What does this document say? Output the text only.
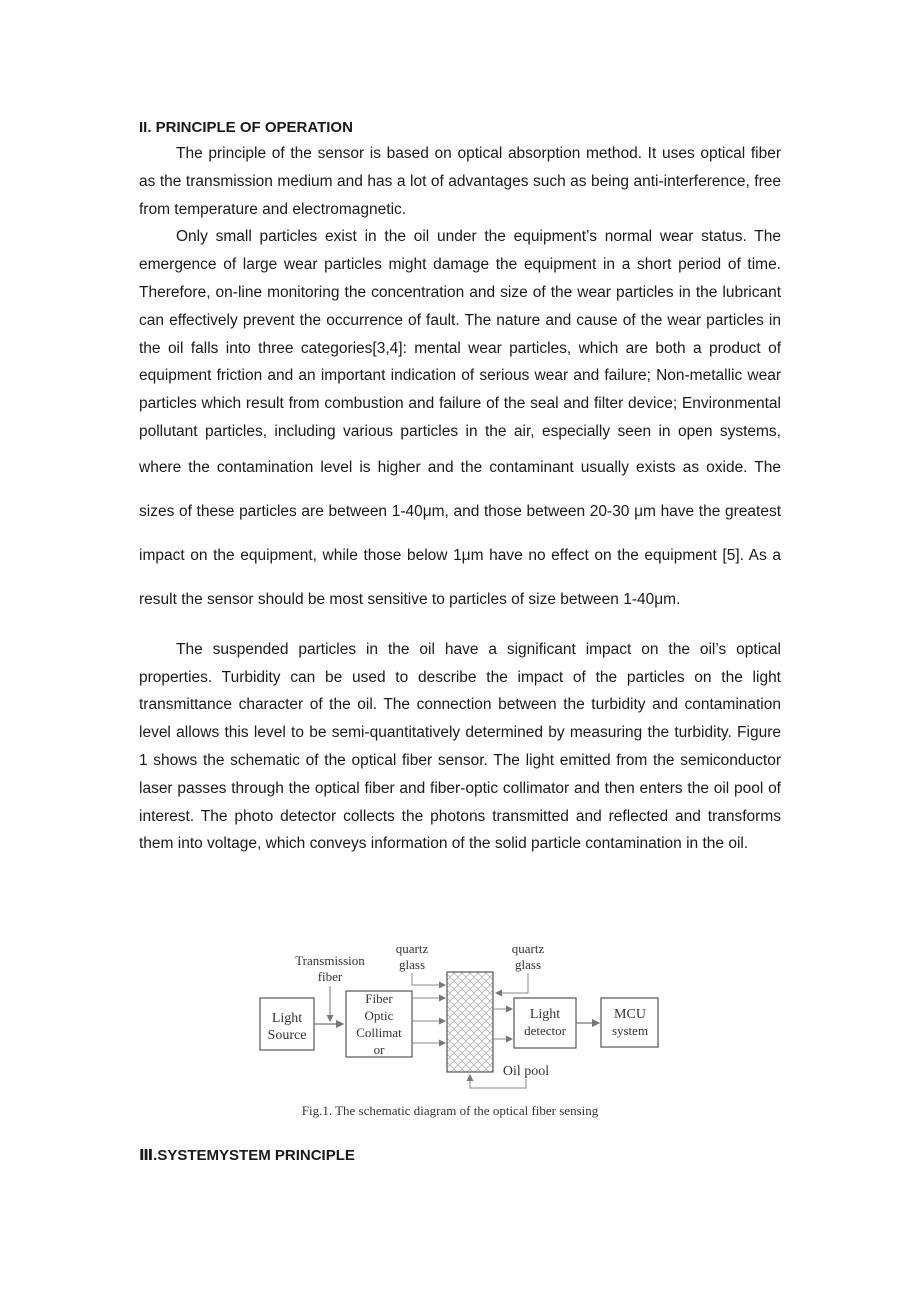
II. PRINCIPLE OF OPERATION

The principle of the sensor is based on optical absorption method. It uses optical fiber as the transmission medium and has a lot of advantages such as being anti-interference, free from temperature and electromagnetic.

Only small particles exist in the oil under the equipment’s normal wear status. The emergence of large wear particles might damage the equipment in a short period of time. Therefore, on-line monitoring the concentration and size of the wear particles in the lubricant can effectively prevent the occurrence of fault. The nature and cause of the wear particles in the oil falls into three categories[3,4]: mental wear particles, which are both a product of equipment friction and an important indication of serious wear and failure; Non-metallic wear particles which result from combustion and failure of the seal and filter device; Environmental pollutant particles, including various particles in the air, especially seen in open systems, where the contamination level is higher and the contaminant usually exists as oxide. The sizes of these particles are between 1-40μm, and those between 20-30 μm have the greatest impact on the equipment, while those below 1μm have no effect on the equipment [5]. As a result the sensor should be most sensitive to particles of size between 1-40μm.

The suspended particles in the oil have a significant impact on the oil’s optical properties. Turbidity can be used to describe the impact of the particles on the light transmittance character of the oil. The connection between the turbidity and contamination level allows this level to be semi-quantitatively determined by measuring the turbidity. Figure 1 shows the schematic of the optical fiber sensor. The light emitted from the semiconductor laser passes through the optical fiber and fiber-optic collimator and then enters the oil pool of interest. The photo detector collects the photons transmitted and reflected and transforms them into voltage, which conveys information of the solid particle contamination in the oil.

Light
Source
Transmission
fiber
Fiber
Optic
Collimat
or
quartz
glass
quartz
glass
Light
detector
MCU
system
Oil pool
Fig.1. The schematic diagram of the optical fiber sensing
Ⅲ.SYSTEMYSTEM PRINCIPLE
